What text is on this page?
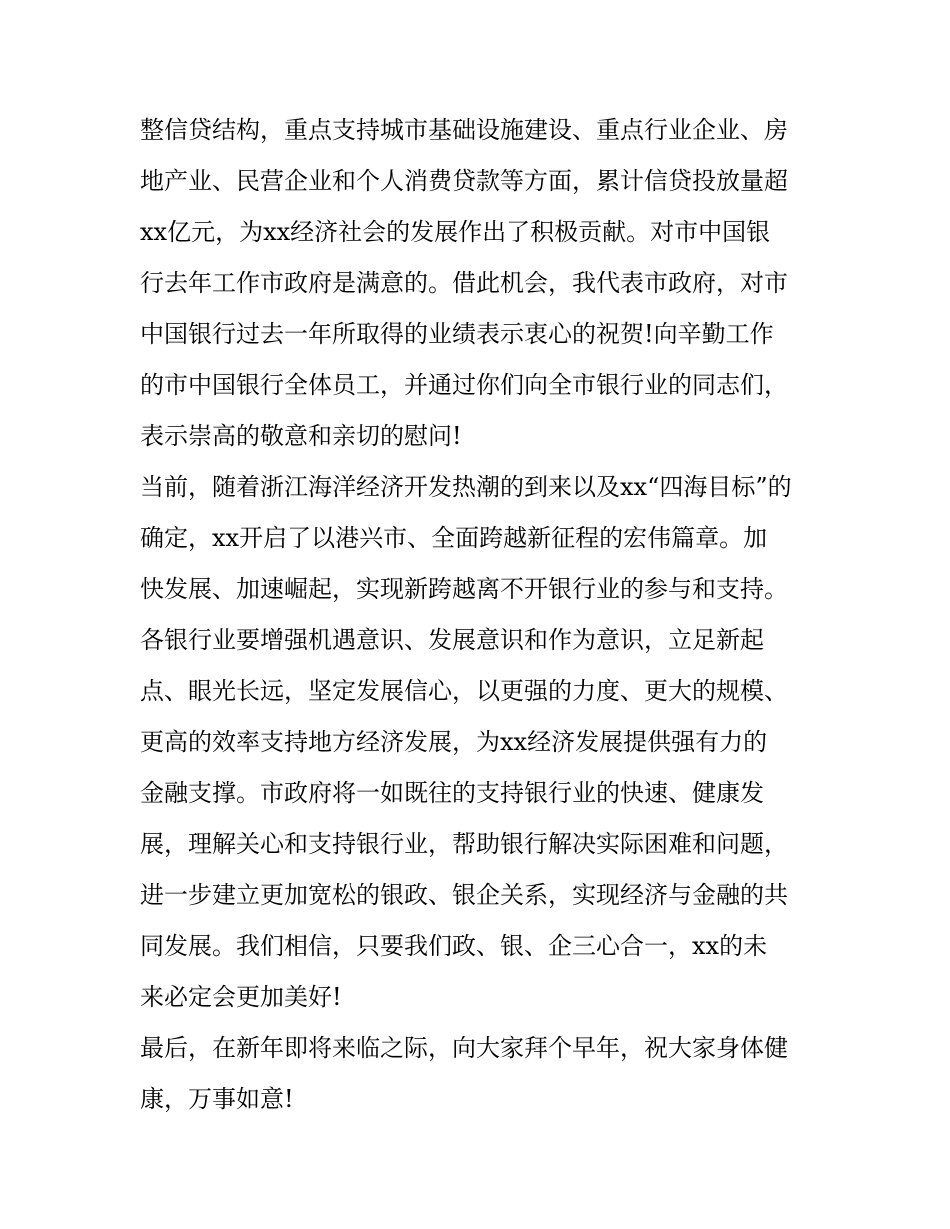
整信贷结构，重点支持城市基础设施建设、重点行业企业、房
地产业、民营企业和个人消费贷款等方面，累计信贷投放量超
xx亿元，为xx经济社会的发展作出了积极贡献。对市中国银
行去年工作市政府是满意的。借此机会，我代表市政府，对市
中国银行过去一年所取得的业绩表示衷心的祝贺!向辛勤工作
的市中国银行全体员工，并通过你们向全市银行业的同志们，
表示崇高的敬意和亲切的慰问!
当前，随着浙江海洋经济开发热潮的到来以及xx“四海目标”的
确定，xx开启了以港兴市、全面跨越新征程的宏伟篇章。加
快发展、加速崛起，实现新跨越离不开银行业的参与和支持。
各银行业要增强机遇意识、发展意识和作为意识，立足新起
点、眼光长远，坚定发展信心，以更强的力度、更大的规模、
更高的效率支持地方经济发展，为xx经济发展提供强有力的
金融支撑。市政府将一如既往的支持银行业的快速、健康发
展，理解关心和支持银行业，帮助银行解决实际困难和问题，
进一步建立更加宽松的银政、银企关系，实现经济与金融的共
同发展。我们相信，只要我们政、银、企三心合一，xx的未
来必定会更加美好!
最后，在新年即将来临之际，向大家拜个早年，祝大家身体健
康，万事如意!
